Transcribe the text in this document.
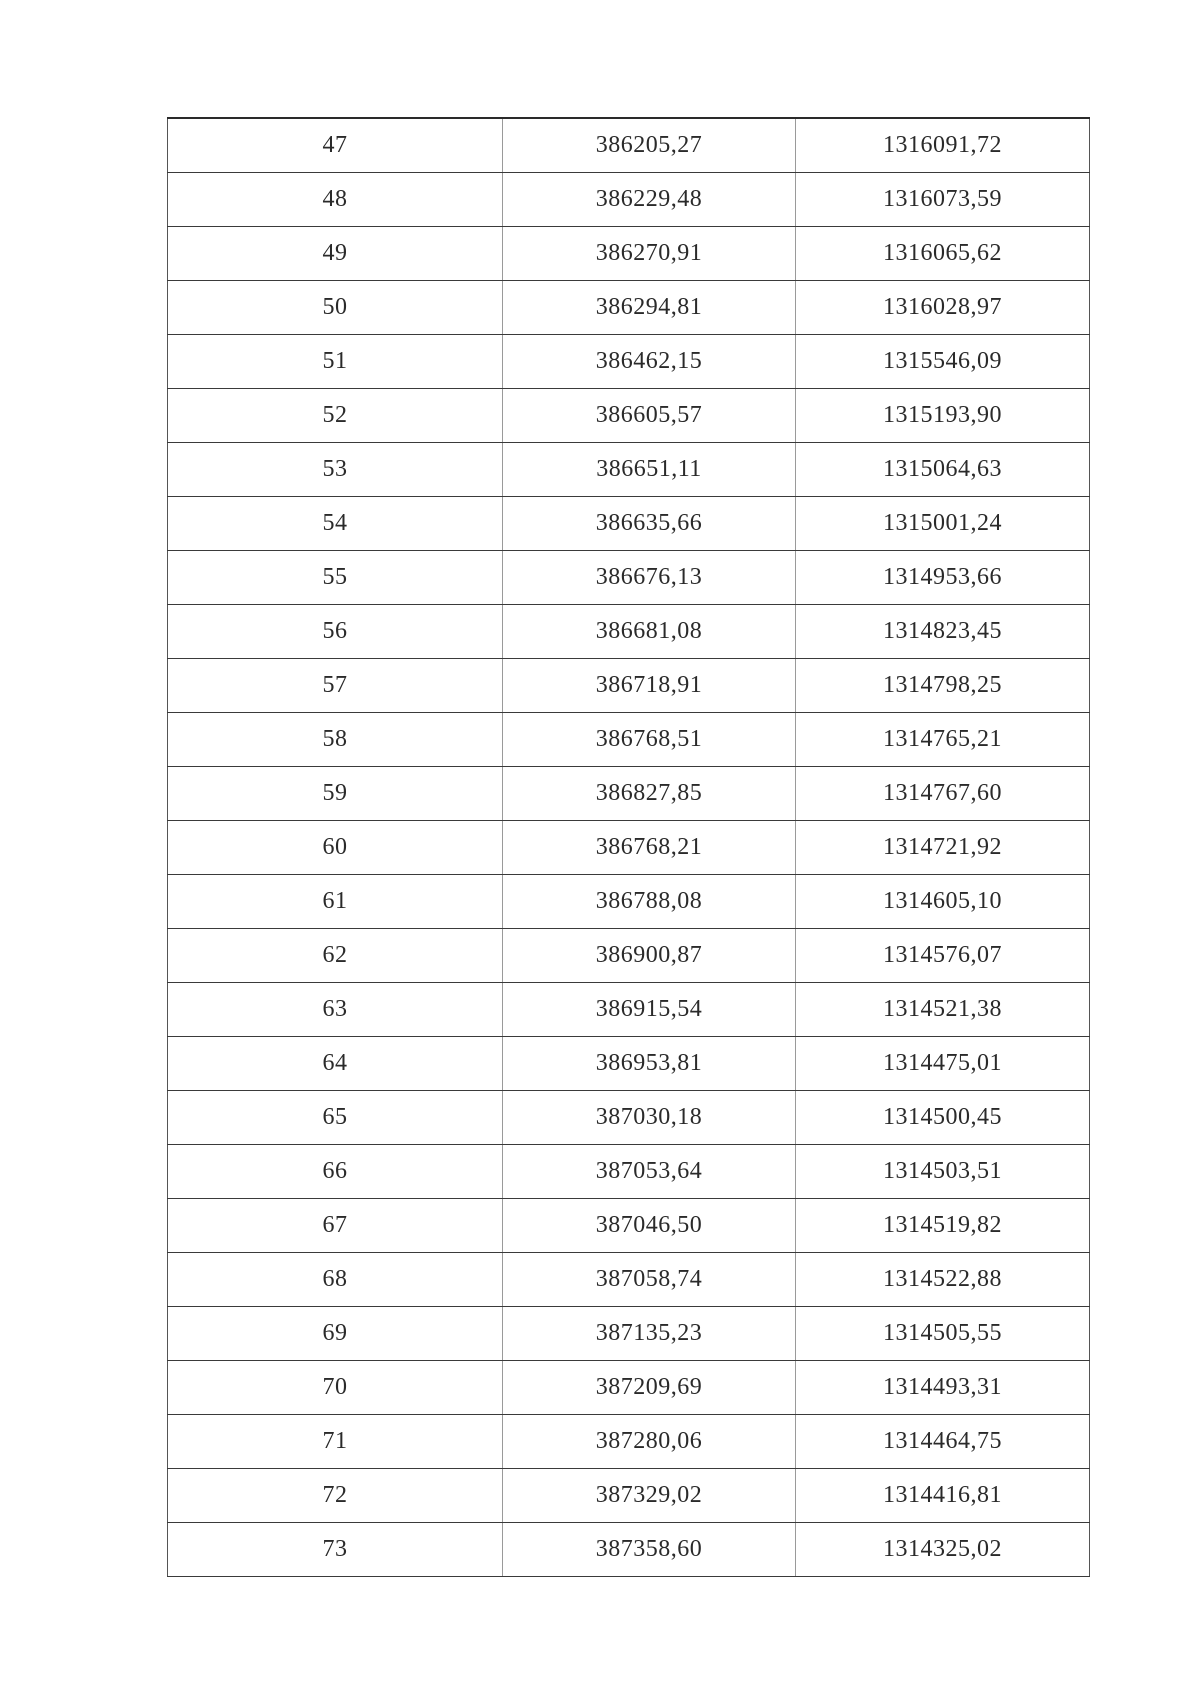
47	386205,27	1316091,72
48	386229,48	1316073,59
49	386270,91	1316065,62
50	386294,81	1316028,97
51	386462,15	1315546,09
52	386605,57	1315193,90
53	386651,11	1315064,63
54	386635,66	1315001,24
55	386676,13	1314953,66
56	386681,08	1314823,45
57	386718,91	1314798,25
58	386768,51	1314765,21
59	386827,85	1314767,60
60	386768,21	1314721,92
61	386788,08	1314605,10
62	386900,87	1314576,07
63	386915,54	1314521,38
64	386953,81	1314475,01
65	387030,18	1314500,45
66	387053,64	1314503,51
67	387046,50	1314519,82
68	387058,74	1314522,88
69	387135,23	1314505,55
70	387209,69	1314493,31
71	387280,06	1314464,75
72	387329,02	1314416,81
73	387358,60	1314325,02
